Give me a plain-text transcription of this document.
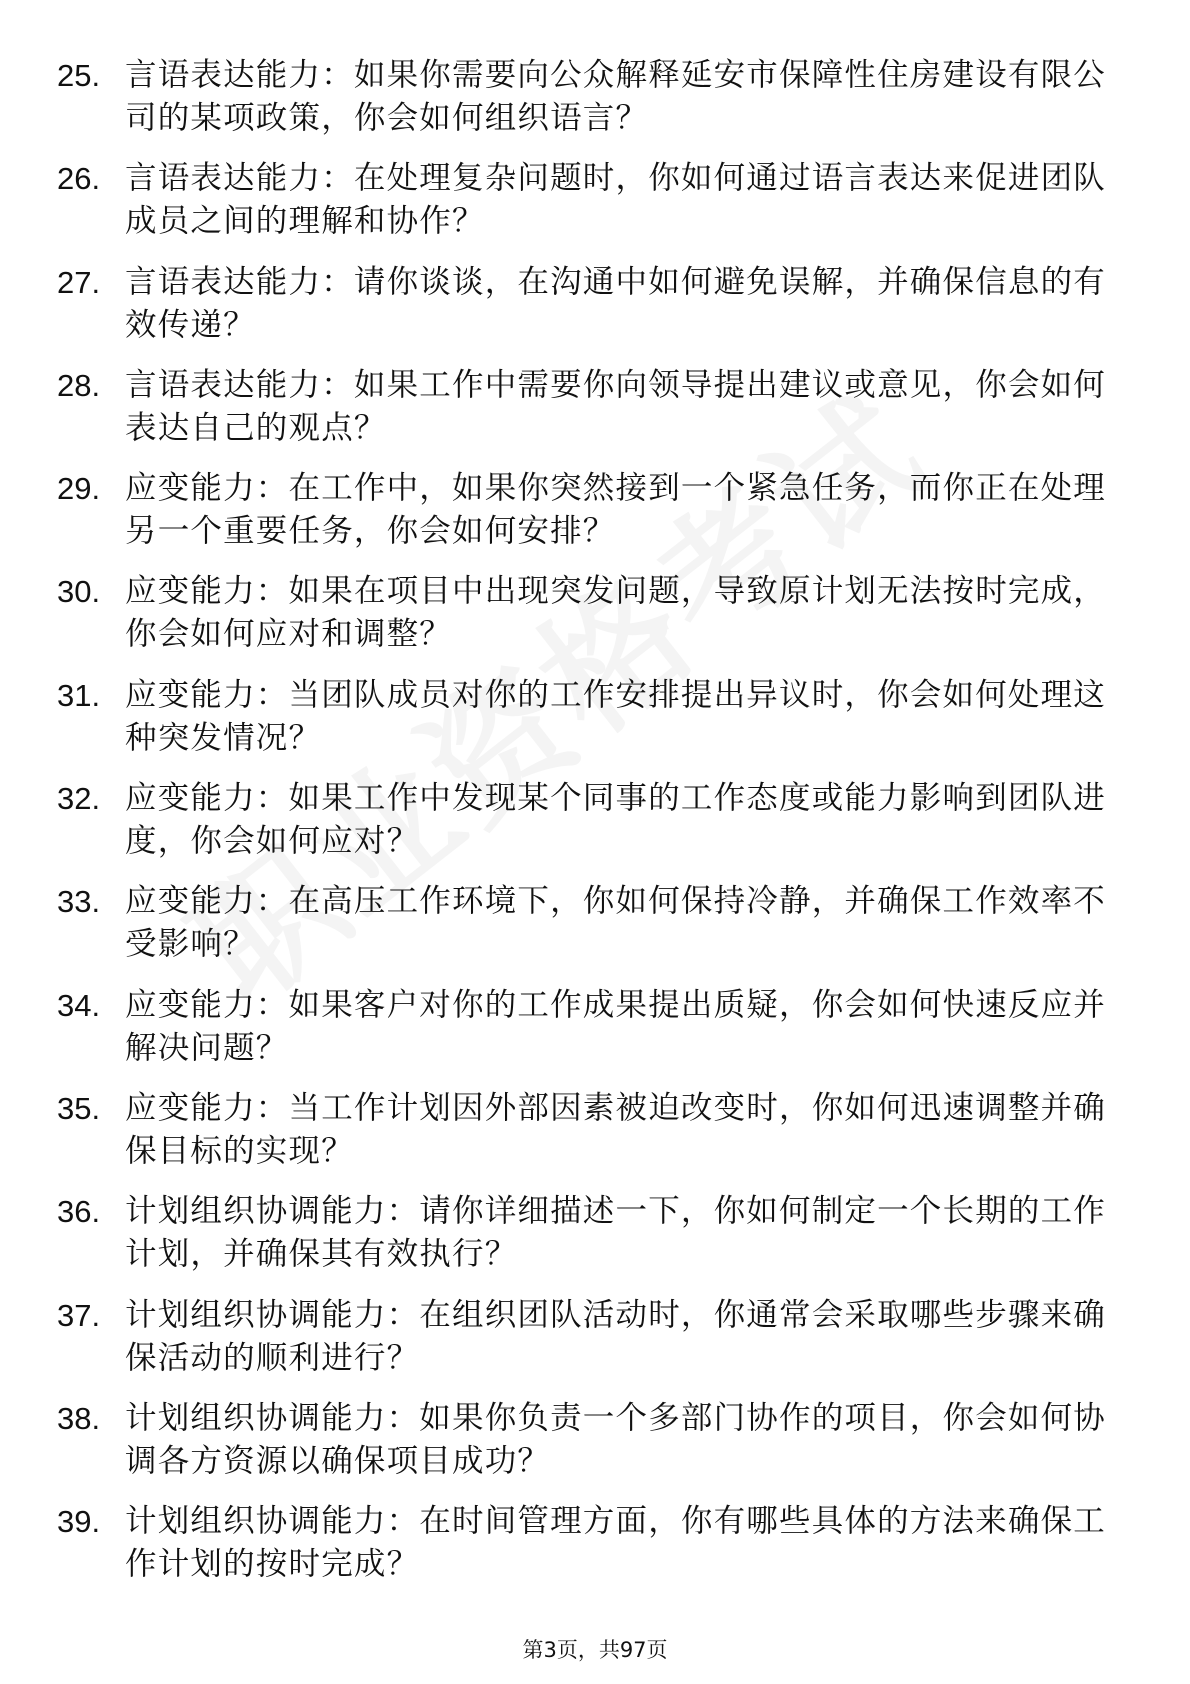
25. 言语表达能力：如果你需要向公众解释延安市保障性住房建设有限公司的某项政策，你会如何组织语言？
26. 言语表达能力：在处理复杂问题时，你如何通过语言表达来促进团队成员之间的理解和协作？
27. 言语表达能力：请你谈谈，在沟通中如何避免误解，并确保信息的有效传递？
28. 言语表达能力：如果工作中需要你向领导提出建议或意见，你会如何表达自己的观点？
29. 应变能力：在工作中，如果你突然接到一个紧急任务，而你正在处理另一个重要任务，你会如何安排？
30. 应变能力：如果在项目中出现突发问题，导致原计划无法按时完成，你会如何应对和调整？
31. 应变能力：当团队成员对你的工作安排提出异议时，你会如何处理这种突发情况？
32. 应变能力：如果工作中发现某个同事的工作态度或能力影响到团队进度，你会如何应对？
33. 应变能力：在高压工作环境下，你如何保持冷静，并确保工作效率不受影响？
34. 应变能力：如果客户对你的工作成果提出质疑，你会如何快速反应并解决问题？
35. 应变能力：当工作计划因外部因素被迫改变时，你如何迅速调整并确保目标的实现？
36. 计划组织协调能力：请你详细描述一下，你如何制定一个长期的工作计划，并确保其有效执行？
37. 计划组织协调能力：在组织团队活动时，你通常会采取哪些步骤来确保活动的顺利进行？
38. 计划组织协调能力：如果你负责一个多部门协作的项目，你会如何协调各方资源以确保项目成功？
39. 计划组织协调能力：在时间管理方面，你有哪些具体的方法来确保工作计划的按时完成？
第3页，共97页
